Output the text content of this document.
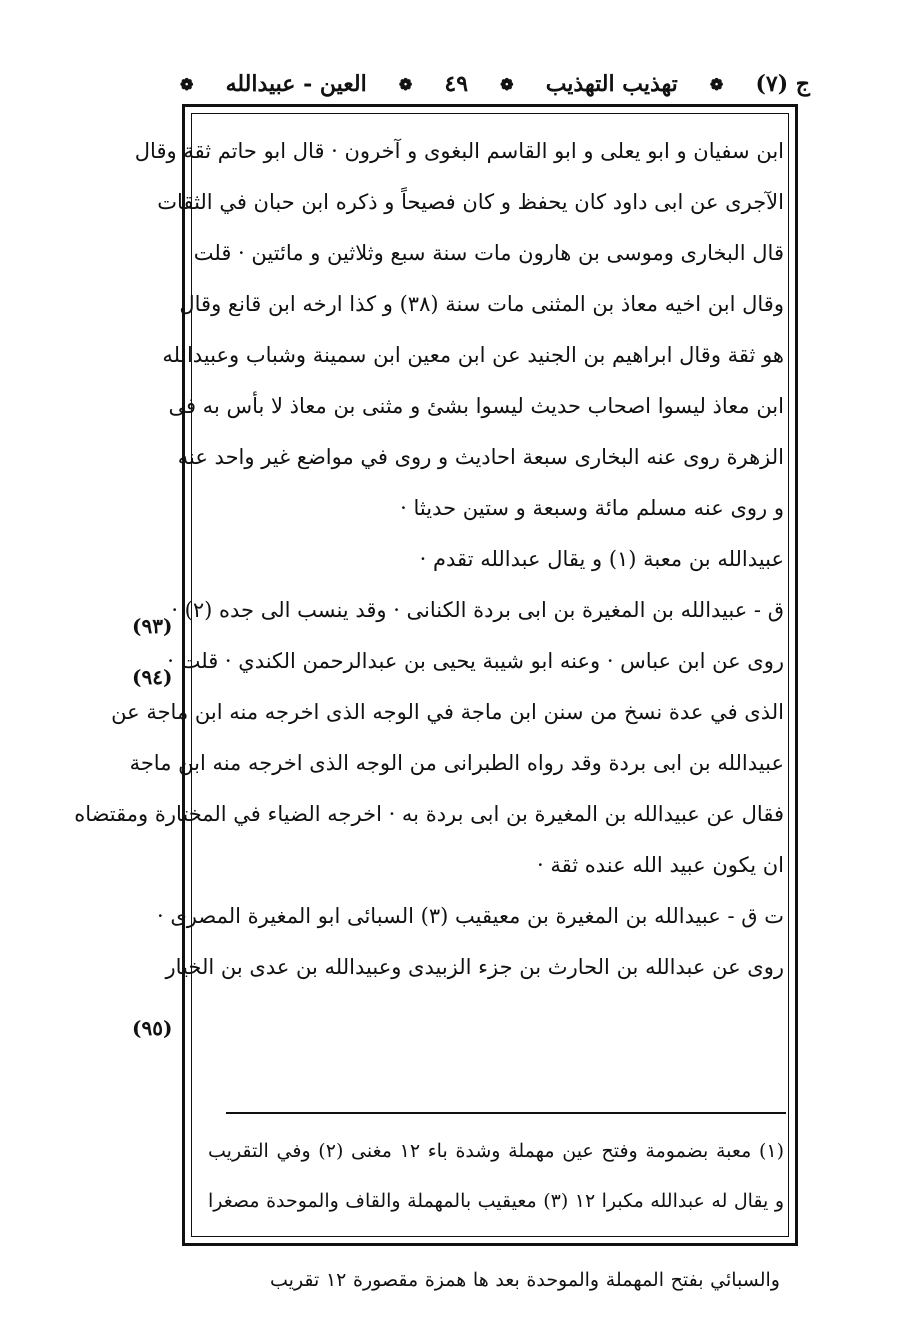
ج (٧)
❁
تهذيب التهذيب
❁
٤٩
❁
العين - عبيدالله
❁
ابن سفيان و ابو يعلى و ابو القاسم البغوى و آخرون · قال ابو حاتم ثقة وقال
الآجرى عن ابى داود كان يحفظ و كان فصيحاً و ذكره ابن حبان في الثقات
قال البخارى وموسى بن هارون مات سنة سبع وثلاثين و مائتين · قلت ·
وقال ابن اخيه معاذ بن المثنى مات سنة (٣٨) و كذا ارخه ابن قانع وقال
هو ثقة وقال ابراهيم بن الجنيد عن ابن معين ابن سمينة وشباب وعبيدالله
ابن معاذ ليسوا اصحاب حديث ليسوا بشئ و مثنى بن معاذ لا بأس به فى
الزهرة روى عنه البخارى سبعة احاديث و روى في مواضع غير واحد عنه
و روى عنه مسلم مائة وسبعة و ستين حديثا ·
عبيدالله بن معبة (١) و يقال عبدالله تقدم ·
ق - عبيدالله بن المغيرة بن ابى بردة الكنانى · وقد ينسب الى جده (٢) ·
روى عن ابن عباس · وعنه ابو شيبة يحيى بن عبدالرحمن الكندي · قلت ·
الذى في عدة نسخ من سنن ابن ماجة في الوجه الذى اخرجه منه ابن ماجة عن
عبيدالله بن ابى بردة وقد رواه الطبرانى من الوجه الذى اخرجه منه ابن ماجة
فقال عن عبيدالله بن المغيرة بن ابى بردة به · اخرجه الضياء في المختارة ومقتضاه
ان يكون عبيد الله عنده ثقة ·
ت ق - عبيدالله بن المغيرة بن معيقيب (٣) السبائى ابو المغيرة المصرى ·
روى عن عبدالله بن الحارث بن جزء الزبيدى وعبيدالله بن عدى بن الخيار
(٩٣)
(٩٤)
(٩٥)
(١) معبة بضمومة وفتح عين مهملة وشدة باء ١٢ مغنى (٢) وفي التقريب
و يقال له عبدالله مكبرا ١٢ (٣) معيقيب بالمهملة والقاف والموحدة مصغرا
والسبائي بفتح المهملة والموحدة بعد ها همزة مقصورة ١٢ تقريب
